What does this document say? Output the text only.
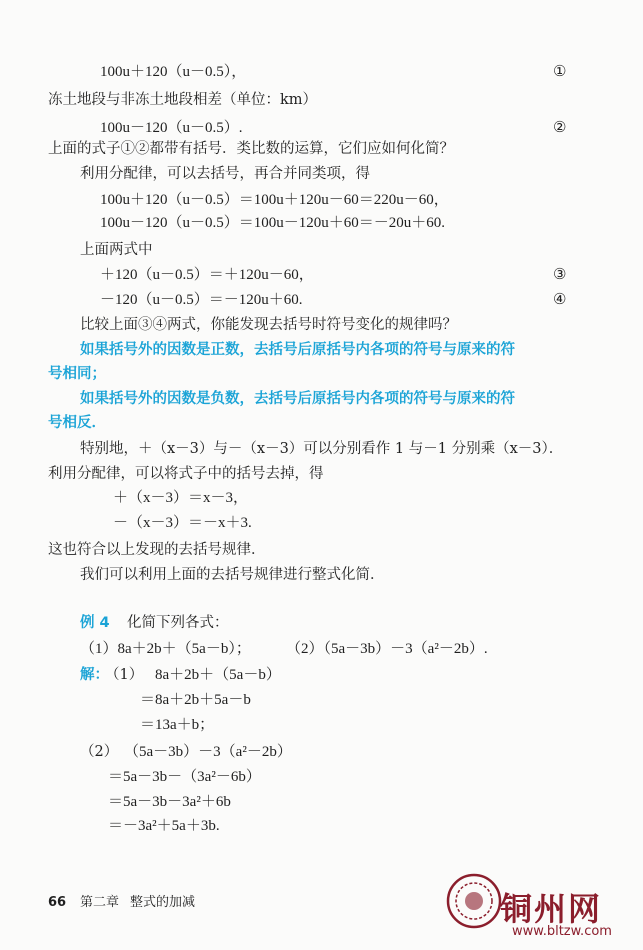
100u＋120（u－0.5），	①
冻土地段与非冻土地段相差（单位：km）
100u－120（u－0.5）.	②
上面的式子①②都带有括号．类比数的运算，它们应如何化简？
利用分配律，可以去括号，再合并同类项，得
100u＋120（u－0.5）＝100u＋120u－60＝220u－60，
100u－120（u－0.5）＝100u－120u＋60＝－20u＋60.
上面两式中
＋120（u－0.5）＝＋120u－60，	③
－120（u－0.5）＝－120u＋60.	④
比较上面③④两式，你能发现去括号时符号变化的规律吗？
如果括号外的因数是正数，去括号后原括号内各项的符号与原来的符
号相同；
如果括号外的因数是负数，去括号后原括号内各项的符号与原来的符
号相反．
特别地，＋（x－3）与－（x－3）可以分别看作 1 与－1 分别乘（x－3）．
利用分配律，可以将式子中的括号去掉，得
＋（x－3）＝x－3，
－（x－3）＝－x＋3.
这也符合以上发现的去括号规律．
我们可以利用上面的去括号规律进行整式化简．
例 4 化简下列各式：
（1）8a＋2b＋（5a－b）； （2）（5a－3b）－3（a²－2b）.
解：
（1） 8a＋2b＋（5a－b）
＝8a＋2b＋5a－b
＝13a＋b；
（2） （5a－3b）－3（a²－2b）
＝5a－3b－（3a²－6b）
＝5a－3b－3a²＋6b
＝－3a²＋5a＋3b.
66 第二章 整式的加减	铜州网
www.bltzw.com
